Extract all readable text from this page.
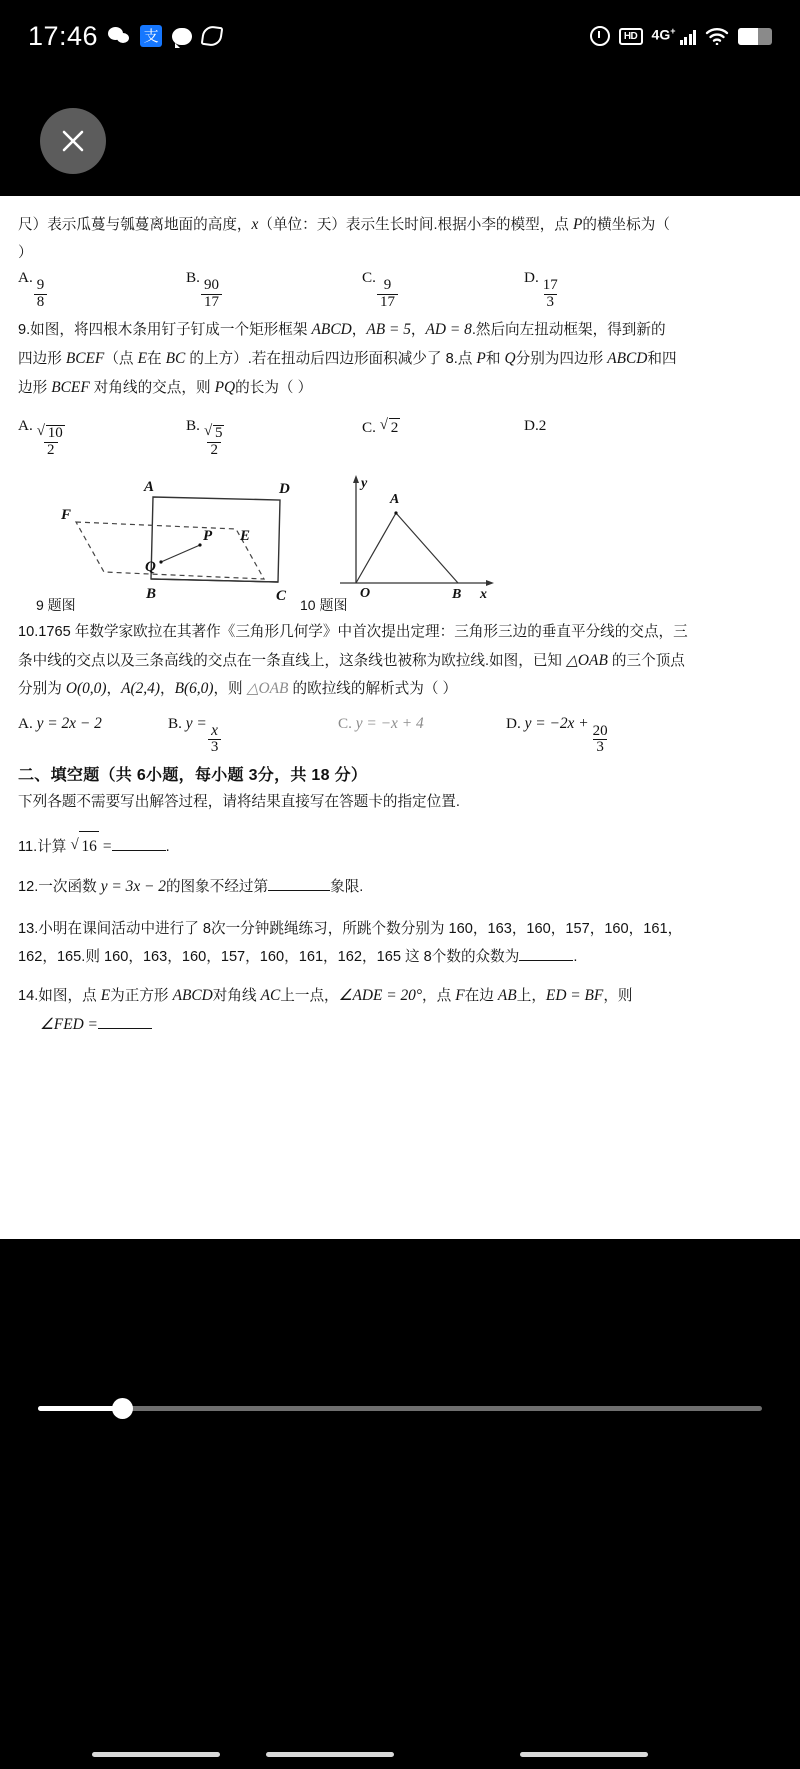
17:46	支	HD	4G+
尺）表示瓜蔓与瓠蔓离地面的高度，x（单位：天）表示生长时间.根据小李的模型，点 P的横坐标为（
）
A.
$\frac{9}{8}$
B.
$\frac{90}{17}$
C.
$\frac{9}{17}$
D.
$\frac{17}{3}$
9.如图，将四根木条用钉子钉成一个矩形框架 ABCD，AB = 5，AD = 8.然后向左扭动框架，得到新的
四边形 BCEF（点 E在 BC 的上方）.若在扭动后四边形面积减少了 8.点 P和 Q分别为四边形 ABCD和四
边形 BCEF 对角线的交点，则 PQ的长为（ ）
A. $\frac{√ 10}{2}$	B. $\frac{√ 5}{2}$	C. √ 2	D.2
A	D
F
E
P
Q
B	C
y
A
O	B x
9 题图	10 题图
10.1765 年数学家欧拉在其著作《三角形几何学》中首次提出定理：三角形三边的垂直平分线的交点，三
条中线的交点以及三条高线的交点在一条直线上，这条线也被称为欧拉线.如图，已知 △OAB 的三个顶点
分别为 O(0,0)，A(2,4)，B(6,0)，则 △OAB 的欧拉线的解析式为（ ）
A. y = 2x − 2	B. $y = \frac{x}{3}$	C. y = −x + 4	D. y = −2x +
$\frac{20}{3}$
二、填空题（共 6小题，每小题 3分，共 18 分）
下列各题不需要写出解答过程，请将结果直接写在答题卡的指定位置.
11.计算 √ 16 =	.
12.一次函数 y = 3x − 2的图象不经过第	象限.
13.小明在课间活动中进行了 8次一分钟跳绳练习，所跳个数分别为 160，163，160，157，160，161，
162，165.则 160，163，160，157，160，161，162，165 这 8个数的众数为	.
14.如图，点 E为正方形 ABCD对角线 AC上一点，∠ADE = 20°，点 F在边 AB上，ED = BF，则
∠FED =
